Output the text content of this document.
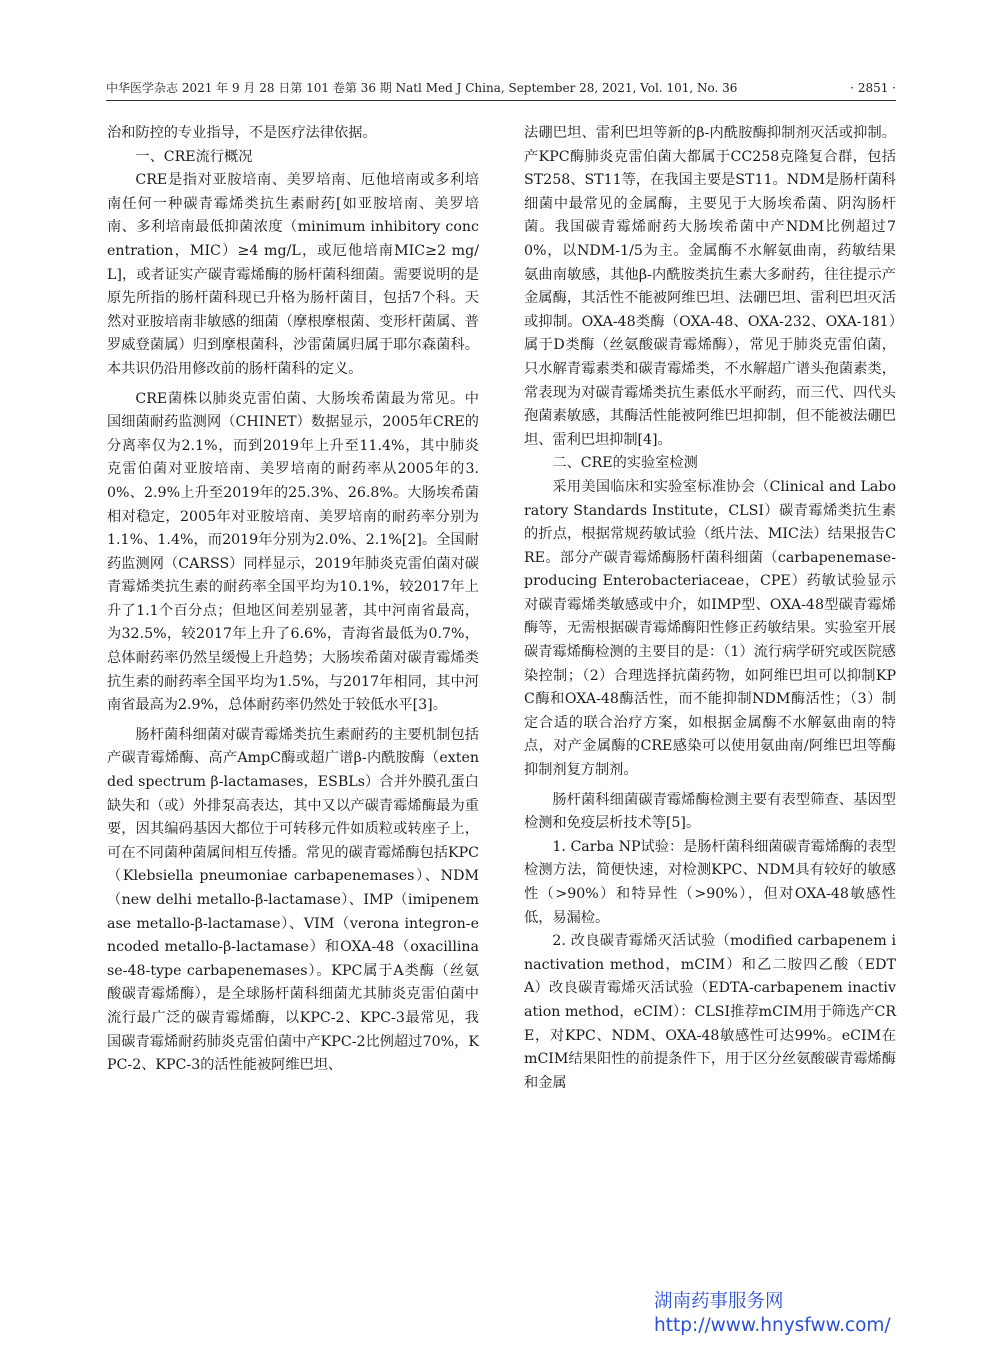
中华医学杂志 2021 年 9 月 28 日第 101 卷第 36 期 Natl Med J China, September 28, 2021, Vol. 101, No. 36	· 2851 ·

治和防控的专业指导，不是医疗法律依据。

一、CRE流行概况

CRE是指对亚胺培南、美罗培南、厄他培南或多利培南任何一种碳青霉烯类抗生素耐药[如亚胺培南、美罗培南、多利培南最低抑菌浓度（minimum inhibitory concentration，MIC）≥4 mg/L，或厄他培南MIC≥2 mg/L]，或者证实产碳青霉烯酶的肠杆菌科细菌。需要说明的是原先所指的肠杆菌科现已升格为肠杆菌目，包括7个科。天然对亚胺培南非敏感的细菌（摩根摩根菌、变形杆菌属、普罗威登菌属）归到摩根菌科，沙雷菌属归属于耶尔森菌科。本共识仍沿用修改前的肠杆菌科的定义。

CRE菌株以肺炎克雷伯菌、大肠埃希菌最为常见。中国细菌耐药监测网（CHINET）数据显示，2005年CRE的分离率仅为2.1%，而到2019年上升至11.4%，其中肺炎克雷伯菌对亚胺培南、美罗培南的耐药率从2005年的3.0%、2.9%上升至2019年的25.3%、26.8%。大肠埃希菌相对稳定，2005年对亚胺培南、美罗培南的耐药率分别为1.1%、1.4%，而2019年分别为2.0%、2.1%[2]。全国耐药监测网（CARSS）同样显示，2019年肺炎克雷伯菌对碳青霉烯类抗生素的耐药率全国平均为10.1%，较2017年上升了1.1个百分点；但地区间差别显著，其中河南省最高，为32.5%，较2017年上升了6.6%，青海省最低为0.7%，总体耐药率仍然呈缓慢上升趋势；大肠埃希菌对碳青霉烯类抗生素的耐药率全国平均为1.5%，与2017年相同，其中河南省最高为2.9%，总体耐药率仍然处于较低水平[3]。

肠杆菌科细菌对碳青霉烯类抗生素耐药的主要机制包括产碳青霉烯酶、高产AmpC酶或超广谱β-内酰胺酶（extended spectrum β-lactamases，ESBLs）合并外膜孔蛋白缺失和（或）外排泵高表达，其中又以产碳青霉烯酶最为重要，因其编码基因大都位于可转移元件如质粒或转座子上，可在不同菌种菌属间相互传播。常见的碳青霉烯酶包括KPC（Klebsiella pneumoniae carbapenemases）、NDM（new delhi metallo-β-lactamase）、IMP（imipenemase metallo-β-lactamase）、VIM（verona integron-encoded metallo-β-lactamase）和OXA-48（oxacillinase-48-type carbapenemases）。KPC属于A类酶（丝氨酸碳青霉烯酶），是全球肠杆菌科细菌尤其肺炎克雷伯菌中流行最广泛的碳青霉烯酶，以KPC-2、KPC-3最常见，我国碳青霉烯耐药肺炎克雷伯菌中产KPC-2比例超过70%，KPC-2、KPC-3的活性能被阿维巴坦、

法硼巴坦、雷利巴坦等新的β-内酰胺酶抑制剂灭活或抑制。产KPC酶肺炎克雷伯菌大都属于CC258克隆复合群，包括ST258、ST11等，在我国主要是ST11。NDM是肠杆菌科细菌中最常见的金属酶，主要见于大肠埃希菌、阴沟肠杆菌。我国碳青霉烯耐药大肠埃希菌中产NDM比例超过70%，以NDM-1/5为主。金属酶不水解氨曲南，药敏结果氨曲南敏感，其他β-内酰胺类抗生素大多耐药，往往提示产金属酶，其活性不能被阿维巴坦、法硼巴坦、雷利巴坦灭活或抑制。OXA-48类酶（OXA-48、OXA-232、OXA-181）属于D类酶（丝氨酸碳青霉烯酶），常见于肺炎克雷伯菌，只水解青霉素类和碳青霉烯类，不水解超广谱头孢菌素类，常表现为对碳青霉烯类抗生素低水平耐药，而三代、四代头孢菌素敏感，其酶活性能被阿维巴坦抑制，但不能被法硼巴坦、雷利巴坦抑制[4]。

二、CRE的实验室检测

采用美国临床和实验室标准协会（Clinical and Laboratory Standards Institute，CLSI）碳青霉烯类抗生素的折点，根据常规药敏试验（纸片法、MIC法）结果报告CRE。部分产碳青霉烯酶肠杆菌科细菌（carbapenemase-producing Enterobacteriaceae，CPE）药敏试验显示对碳青霉烯类敏感或中介，如IMP型、OXA-48型碳青霉烯酶等，无需根据碳青霉烯酶阳性修正药敏结果。实验室开展碳青霉烯酶检测的主要目的是：（1）流行病学研究或医院感染控制；（2）合理选择抗菌药物，如阿维巴坦可以抑制KPC酶和OXA-48酶活性，而不能抑制NDM酶活性；（3）制定合适的联合治疗方案，如根据金属酶不水解氨曲南的特点，对产金属酶的CRE感染可以使用氨曲南/阿维巴坦等酶抑制剂复方制剂。

肠杆菌科细菌碳青霉烯酶检测主要有表型筛查、基因型检测和免疫层析技术等[5]。

1. Carba NP试验：是肠杆菌科细菌碳青霉烯酶的表型检测方法，简便快速，对检测KPC、NDM具有较好的敏感性（>90%）和特异性（>90%），但对OXA-48敏感性低，易漏检。

2. 改良碳青霉烯灭活试验（modified carbapenem inactivation method，mCIM）和乙二胺四乙酸（EDTA）改良碳青霉烯灭活试验（EDTA-carbapenem inactivation method，eCIM）：CLSI推荐mCIM用于筛选产CRE，对KPC、NDM、OXA-48敏感性可达99%。eCIM在mCIM结果阳性的前提条件下，用于区分丝氨酸碳青霉烯酶和金属

湖南药事服务网
http://www.hnysfww.com/
